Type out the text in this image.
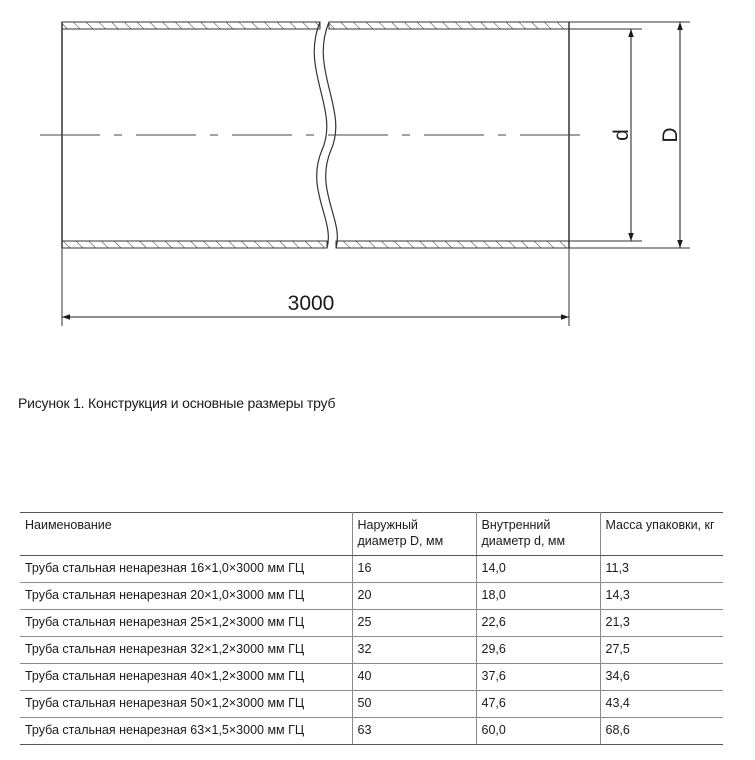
3000
d D
Рисунок 1. Конструкция и основные размеры труб
Наименование	Наружный диаметр D, мм	Внутренний диаметр d, мм	Масса упаковки, кг
Труба стальная ненарезная 16×1,0×3000 мм ГЦ	16	14,0	11,3
Труба стальная ненарезная 20×1,0×3000 мм ГЦ	20	18,0	14,3
Труба стальная ненарезная 25×1,2×3000 мм ГЦ	25	22,6	21,3
Труба стальная ненарезная 32×1,2×3000 мм ГЦ	32	29,6	27,5
Труба стальная ненарезная 40×1,2×3000 мм ГЦ	40	37,6	34,6
Труба стальная ненарезная 50×1,2×3000 мм ГЦ	50	47,6	43,4
Труба стальная ненарезная 63×1,5×3000 мм ГЦ	63	60,0	68,6
